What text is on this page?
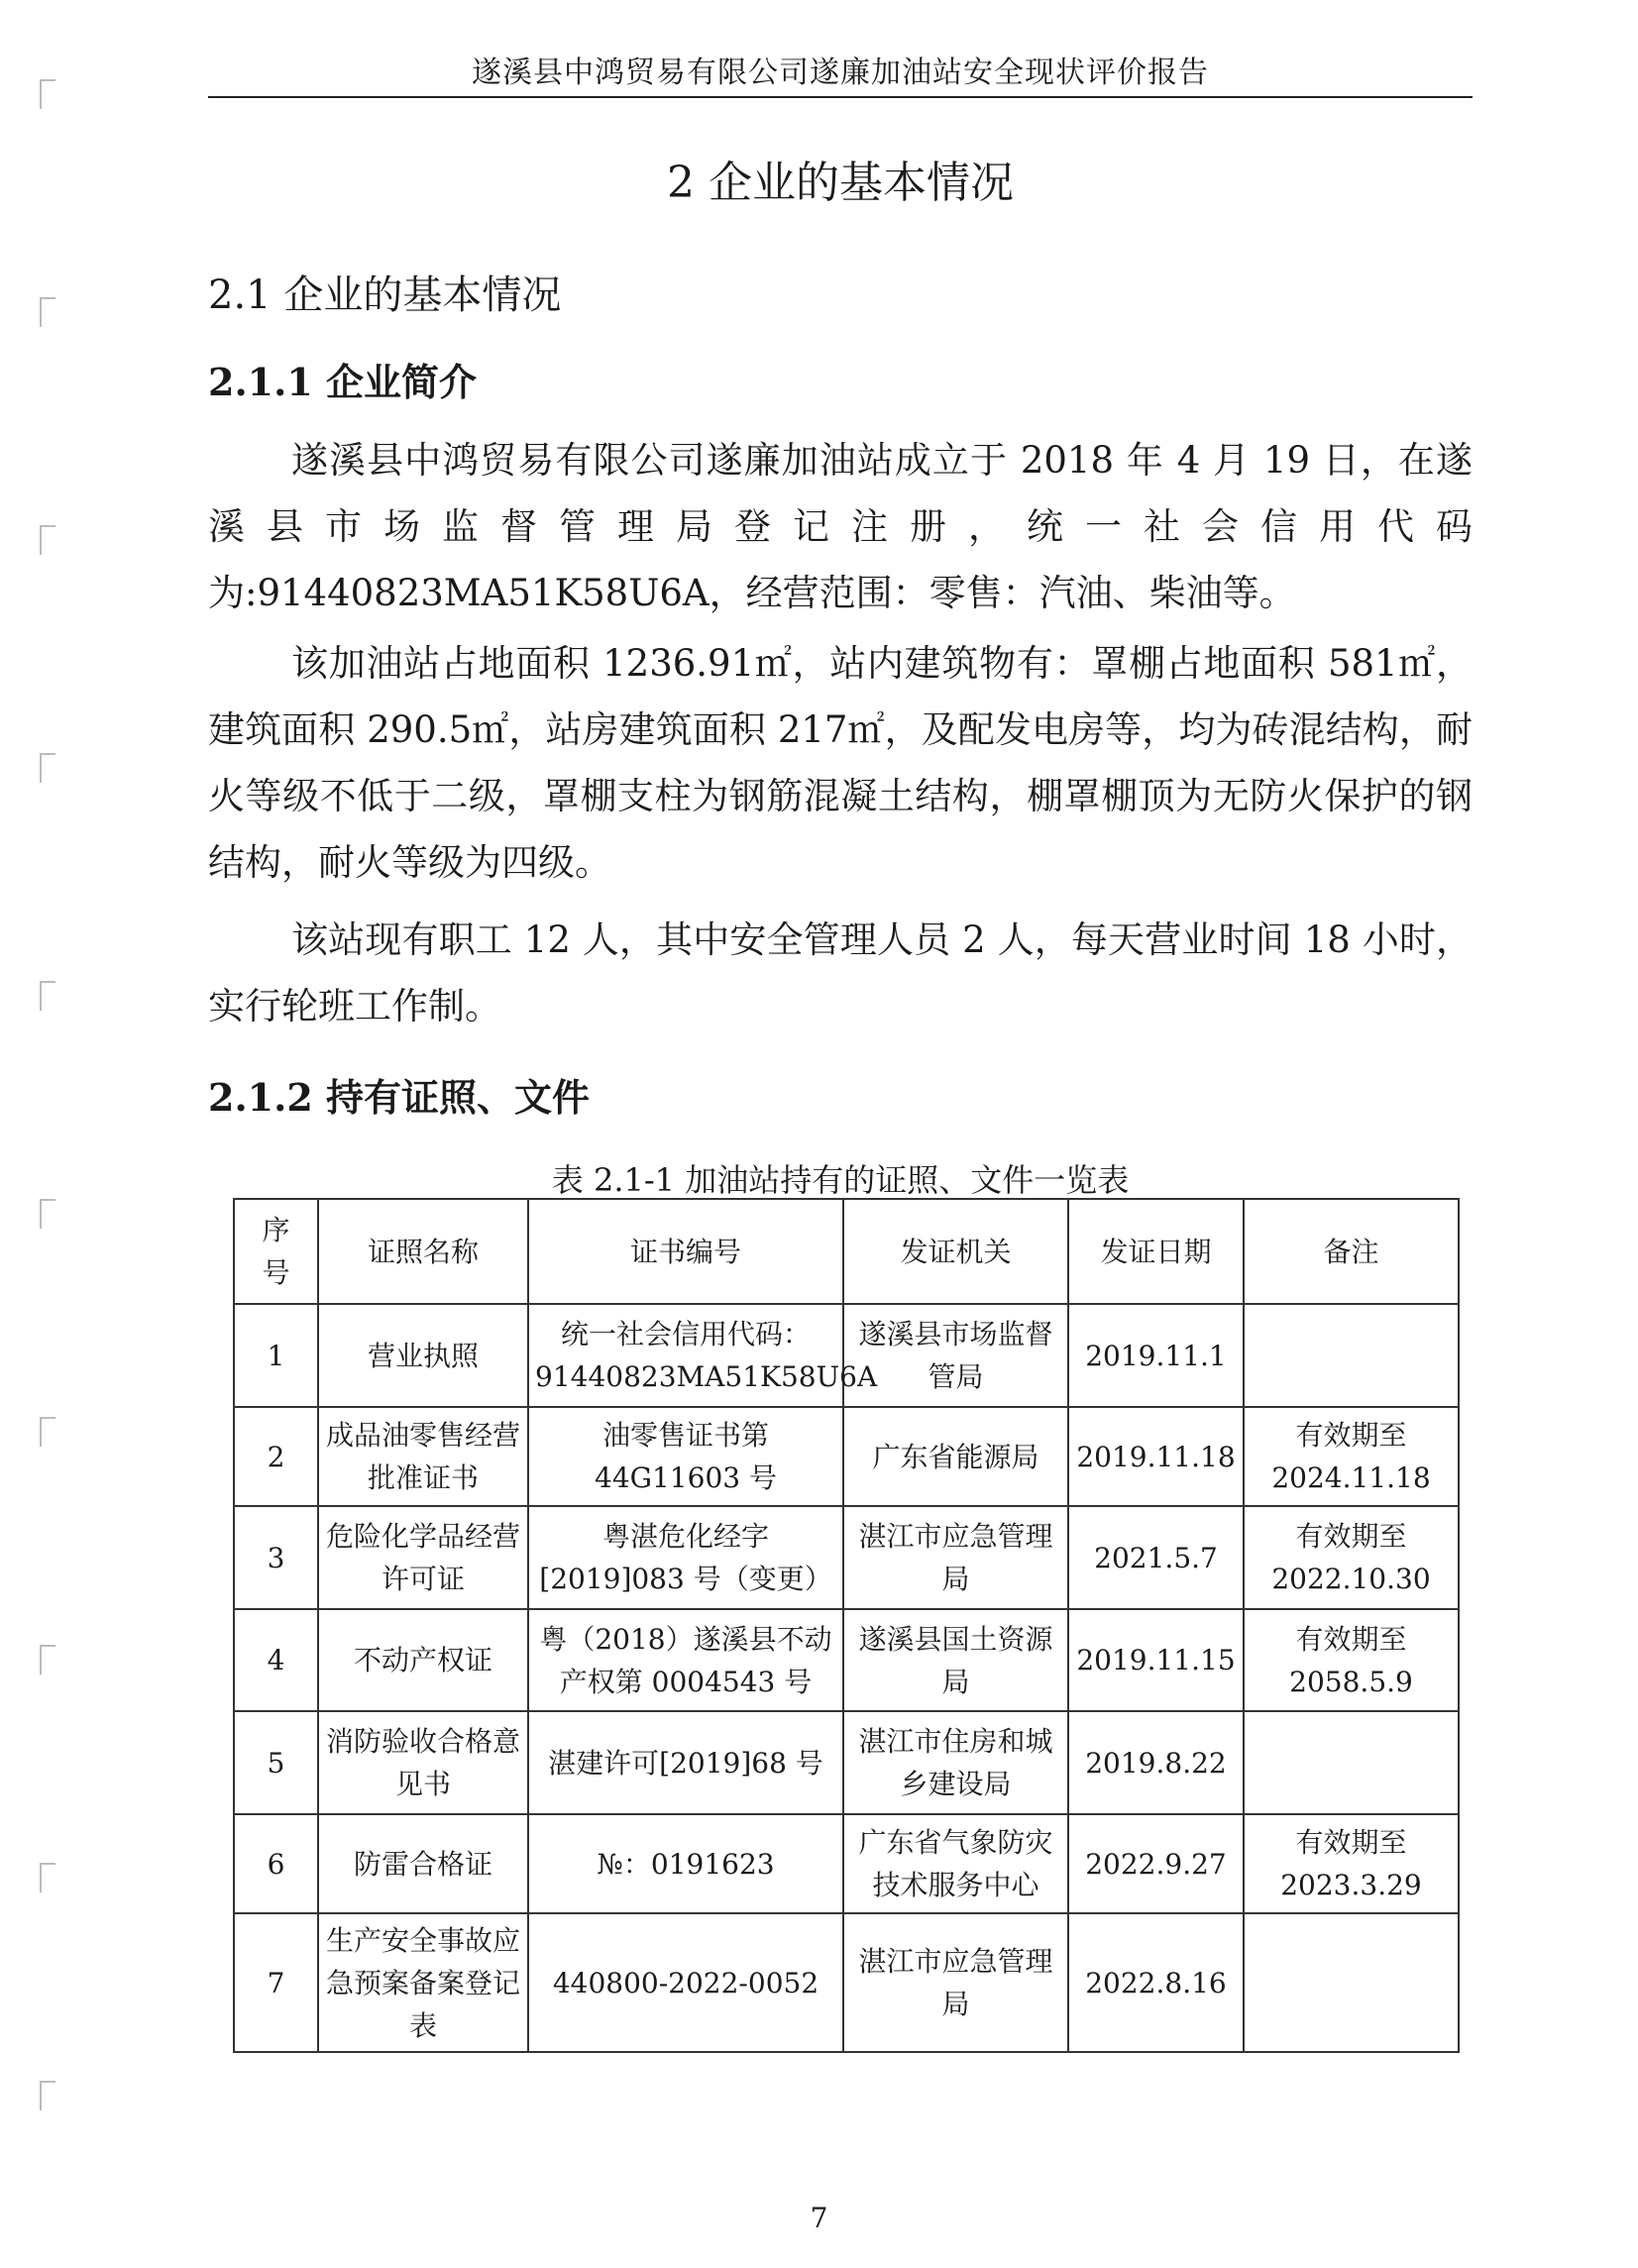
遂溪县中鸿贸易有限公司遂廉加油站安全现状评价报告
2 企业的基本情况
2.1 企业的基本情况
2.1.1 企业简介

遂溪县中鸿贸易有限公司遂廉加油站成立于 2018 年 4 月 19 日，在遂溪县市场监督管理局登记注册，统一社会信用代码为:91440823MA51K58U6A，经营范围：零售：汽油、柴油等。

该加油站占地面积 1236.91㎡，站内建筑物有：罩棚占地面积 581㎡，建筑面积 290.5㎡，站房建筑面积 217㎡，及配发电房等，均为砖混结构，耐火等级不低于二级，罩棚支柱为钢筋混凝土结构，棚罩棚顶为无防火保护的钢结构，耐火等级为四级。

该站现有职工 12 人，其中安全管理人员 2 人，每天营业时间 18 小时，实行轮班工作制。

2.1.2 持有证照、文件
表 2.1-1 加油站持有的证照、文件一览表
序号	证照名称	证书编号	发证机关	发证日期	备注
1	营业执照	统一社会信用代码：91440823MA51K58U6A	遂溪县市场监督管局	2019.11.1	
2	成品油零售经营批准证书	油零售证书第44G11603 号	广东省能源局	2019.11.18	有效期至2024.11.18
3	危险化学品经营许可证	粤湛危化经字[2019]083 号（变更）	湛江市应急管理局	2021.5.7	有效期至2022.10.30
4	不动产权证	粤（2018）遂溪县不动产权第 0004543 号	遂溪县国土资源局	2019.11.15	有效期至2058.5.9
5	消防验收合格意见书	湛建许可[2019]68 号	湛江市住房和城乡建设局	2019.8.22	
6	防雷合格证	№：0191623	广东省气象防灾技术服务中心	2022.9.27	有效期至2023.3.29
7	生产安全事故应急预案备案登记表	440800-2022-0052	湛江市应急管理局	2022.8.16	
7
